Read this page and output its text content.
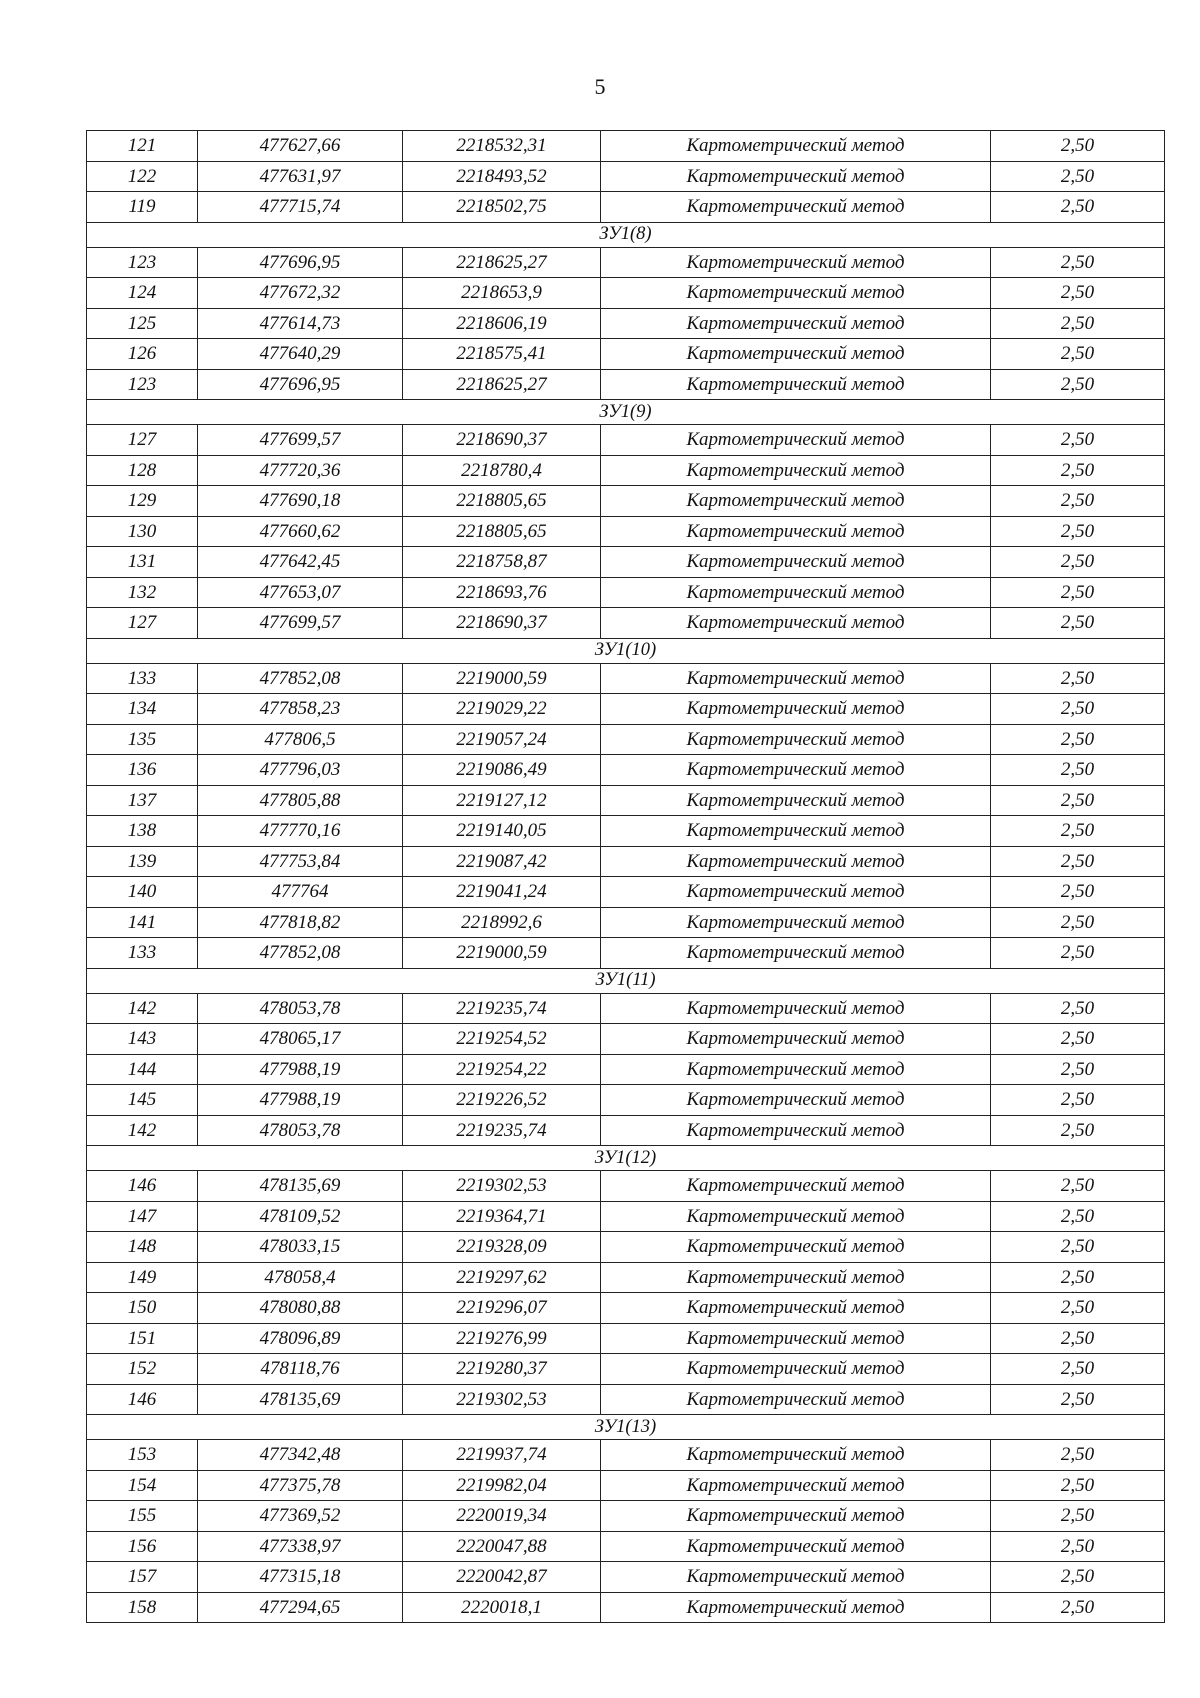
5
121	477627,66	2218532,31	Картометрический метод	2,50
122	477631,97	2218493,52	Картометрический метод	2,50
119	477715,74	2218502,75	Картометрический метод	2,50
ЗУ1(8)				
123	477696,95	2218625,27	Картометрический метод	2,50
124	477672,32	2218653,9	Картометрический метод	2,50
125	477614,73	2218606,19	Картометрический метод	2,50
126	477640,29	2218575,41	Картометрический метод	2,50
123	477696,95	2218625,27	Картометрический метод	2,50
ЗУ1(9)				
127	477699,57	2218690,37	Картометрический метод	2,50
128	477720,36	2218780,4	Картометрический метод	2,50
129	477690,18	2218805,65	Картометрический метод	2,50
130	477660,62	2218805,65	Картометрический метод	2,50
131	477642,45	2218758,87	Картометрический метод	2,50
132	477653,07	2218693,76	Картометрический метод	2,50
127	477699,57	2218690,37	Картометрический метод	2,50
ЗУ1(10)				
133	477852,08	2219000,59	Картометрический метод	2,50
134	477858,23	2219029,22	Картометрический метод	2,50
135	477806,5	2219057,24	Картометрический метод	2,50
136	477796,03	2219086,49	Картометрический метод	2,50
137	477805,88	2219127,12	Картометрический метод	2,50
138	477770,16	2219140,05	Картометрический метод	2,50
139	477753,84	2219087,42	Картометрический метод	2,50
140	477764	2219041,24	Картометрический метод	2,50
141	477818,82	2218992,6	Картометрический метод	2,50
133	477852,08	2219000,59	Картометрический метод	2,50
ЗУ1(11)				
142	478053,78	2219235,74	Картометрический метод	2,50
143	478065,17	2219254,52	Картометрический метод	2,50
144	477988,19	2219254,22	Картометрический метод	2,50
145	477988,19	2219226,52	Картометрический метод	2,50
142	478053,78	2219235,74	Картометрический метод	2,50
ЗУ1(12)				
146	478135,69	2219302,53	Картометрический метод	2,50
147	478109,52	2219364,71	Картометрический метод	2,50
148	478033,15	2219328,09	Картометрический метод	2,50
149	478058,4	2219297,62	Картометрический метод	2,50
150	478080,88	2219296,07	Картометрический метод	2,50
151	478096,89	2219276,99	Картометрический метод	2,50
152	478118,76	2219280,37	Картометрический метод	2,50
146	478135,69	2219302,53	Картометрический метод	2,50
ЗУ1(13)				
153	477342,48	2219937,74	Картометрический метод	2,50
154	477375,78	2219982,04	Картометрический метод	2,50
155	477369,52	2220019,34	Картометрический метод	2,50
156	477338,97	2220047,88	Картометрический метод	2,50
157	477315,18	2220042,87	Картометрический метод	2,50
158	477294,65	2220018,1	Картометрический метод	2,50
